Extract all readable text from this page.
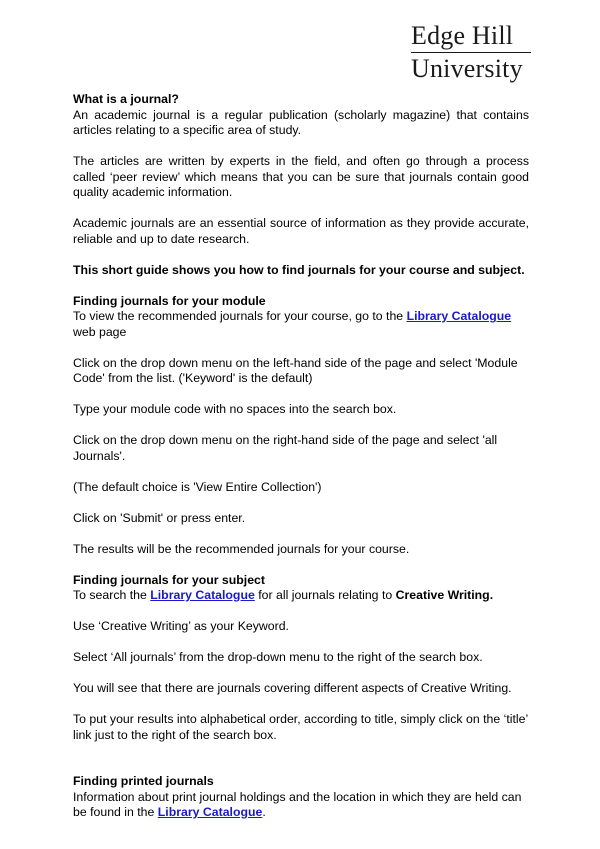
Edge Hill
University
What is a journal?

An academic journal is a regular publication (scholarly magazine) that contains articles relating to a specific area of study.

The articles are written by experts in the field, and often go through a process called ‘peer review’ which means that you can be sure that journals contain good quality academic information.

Academic journals are an essential source of information as they provide accurate, reliable and up to date research.

This short guide shows you how to find journals for your course and subject.

Finding journals for your module

To view the recommended journals for your course, go to the Library Catalogue web page

Click on the drop down menu on the left-hand side of the page and select 'Module Code' from the list. ('Keyword' is the default)

Type your module code with no spaces into the search box.

Click on the drop down menu on the right-hand side of the page and select 'all Journals'.

(The default choice is 'View Entire Collection')

Click on 'Submit' or press enter.

The results will be the recommended journals for your course.

Finding journals for your subject

To search the Library Catalogue for all journals relating to Creative Writing.

Use ‘Creative Writing’ as your Keyword.

Select ‘All journals’ from the drop-down menu to the right of the search box.

You will see that there are journals covering different aspects of Creative Writing.

To put your results into alphabetical order, according to title, simply click on the ‘title’ link just to the right of the search box.

Finding printed journals

Information about print journal holdings and the location in which they are held can be found in the Library Catalogue.
